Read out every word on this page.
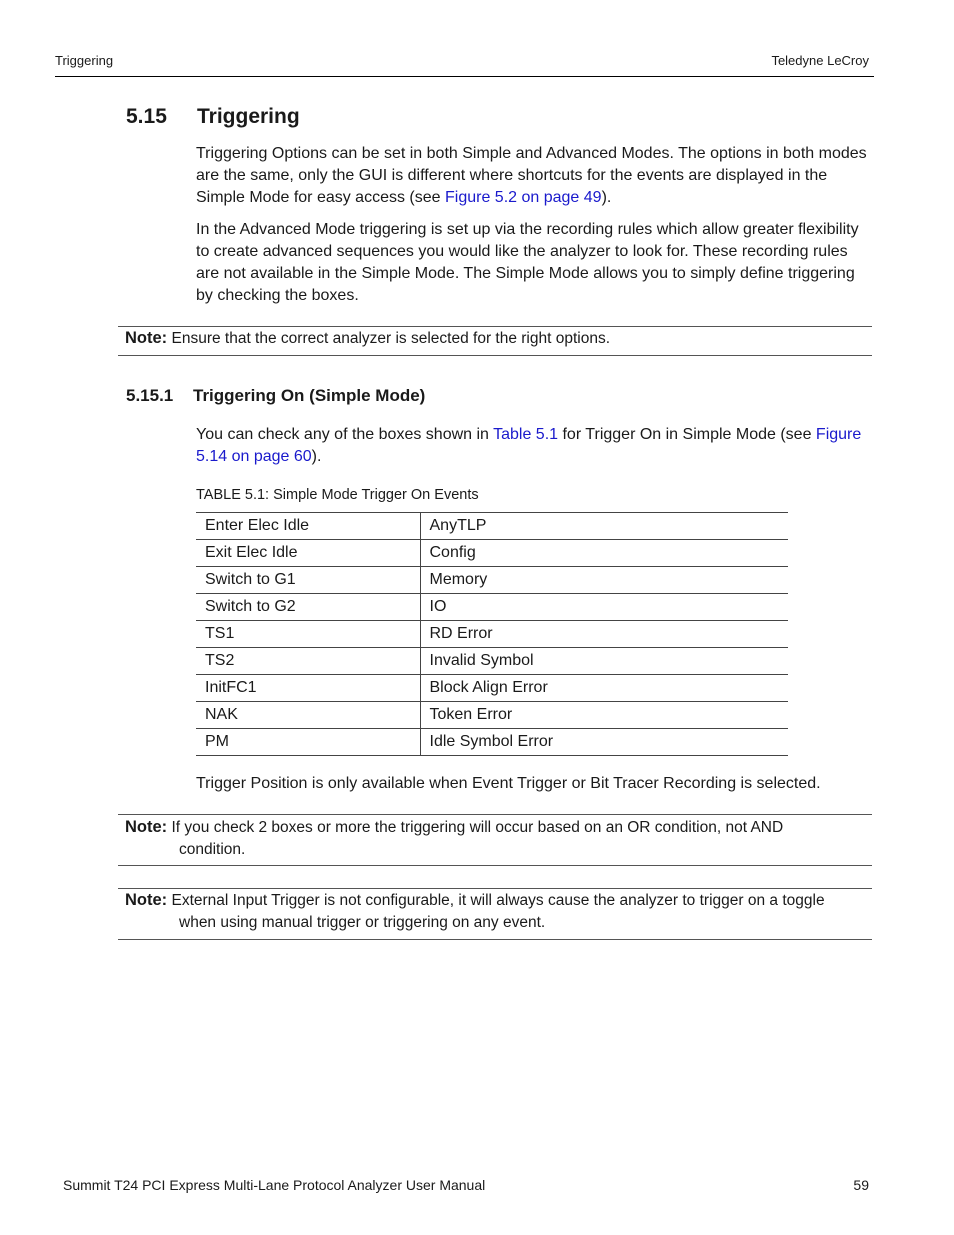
Triggering	Teledyne LeCroy
5.15 Triggering
Triggering Options can be set in both Simple and Advanced Modes. The options in both modes are the same, only the GUI is different where shortcuts for the events are displayed in the Simple Mode for easy access (see Figure 5.2 on page 49).
In the Advanced Mode triggering is set up via the recording rules which allow greater flexibility to create advanced sequences you would like the analyzer to look for. These recording rules are not available in the Simple Mode. The Simple Mode allows you to simply define triggering by checking the boxes.
Note: Ensure that the correct analyzer is selected for the right options.
5.15.1 Triggering On (Simple Mode)
You can check any of the boxes shown in Table 5.1 for Trigger On in Simple Mode (see Figure 5.14 on page 60).
TABLE 5.1: Simple Mode Trigger On Events
Enter Elec Idle	AnyTLP
Exit Elec Idle	Config
Switch to G1	Memory
Switch to G2	IO
TS1	RD Error
TS2	Invalid Symbol
InitFC1	Block Align Error
NAK	Token Error
PM	Idle Symbol Error
Trigger Position is only available when Event Trigger or Bit Tracer Recording is selected.
Note: If you check 2 boxes or more the triggering will occur based on an OR condition, not AND
condition.
Note: External Input Trigger is not configurable, it will always cause the analyzer to trigger on a toggle
when using manual trigger or triggering on any event.
Summit T24 PCI Express Multi-Lane Protocol Analyzer User Manual	59
